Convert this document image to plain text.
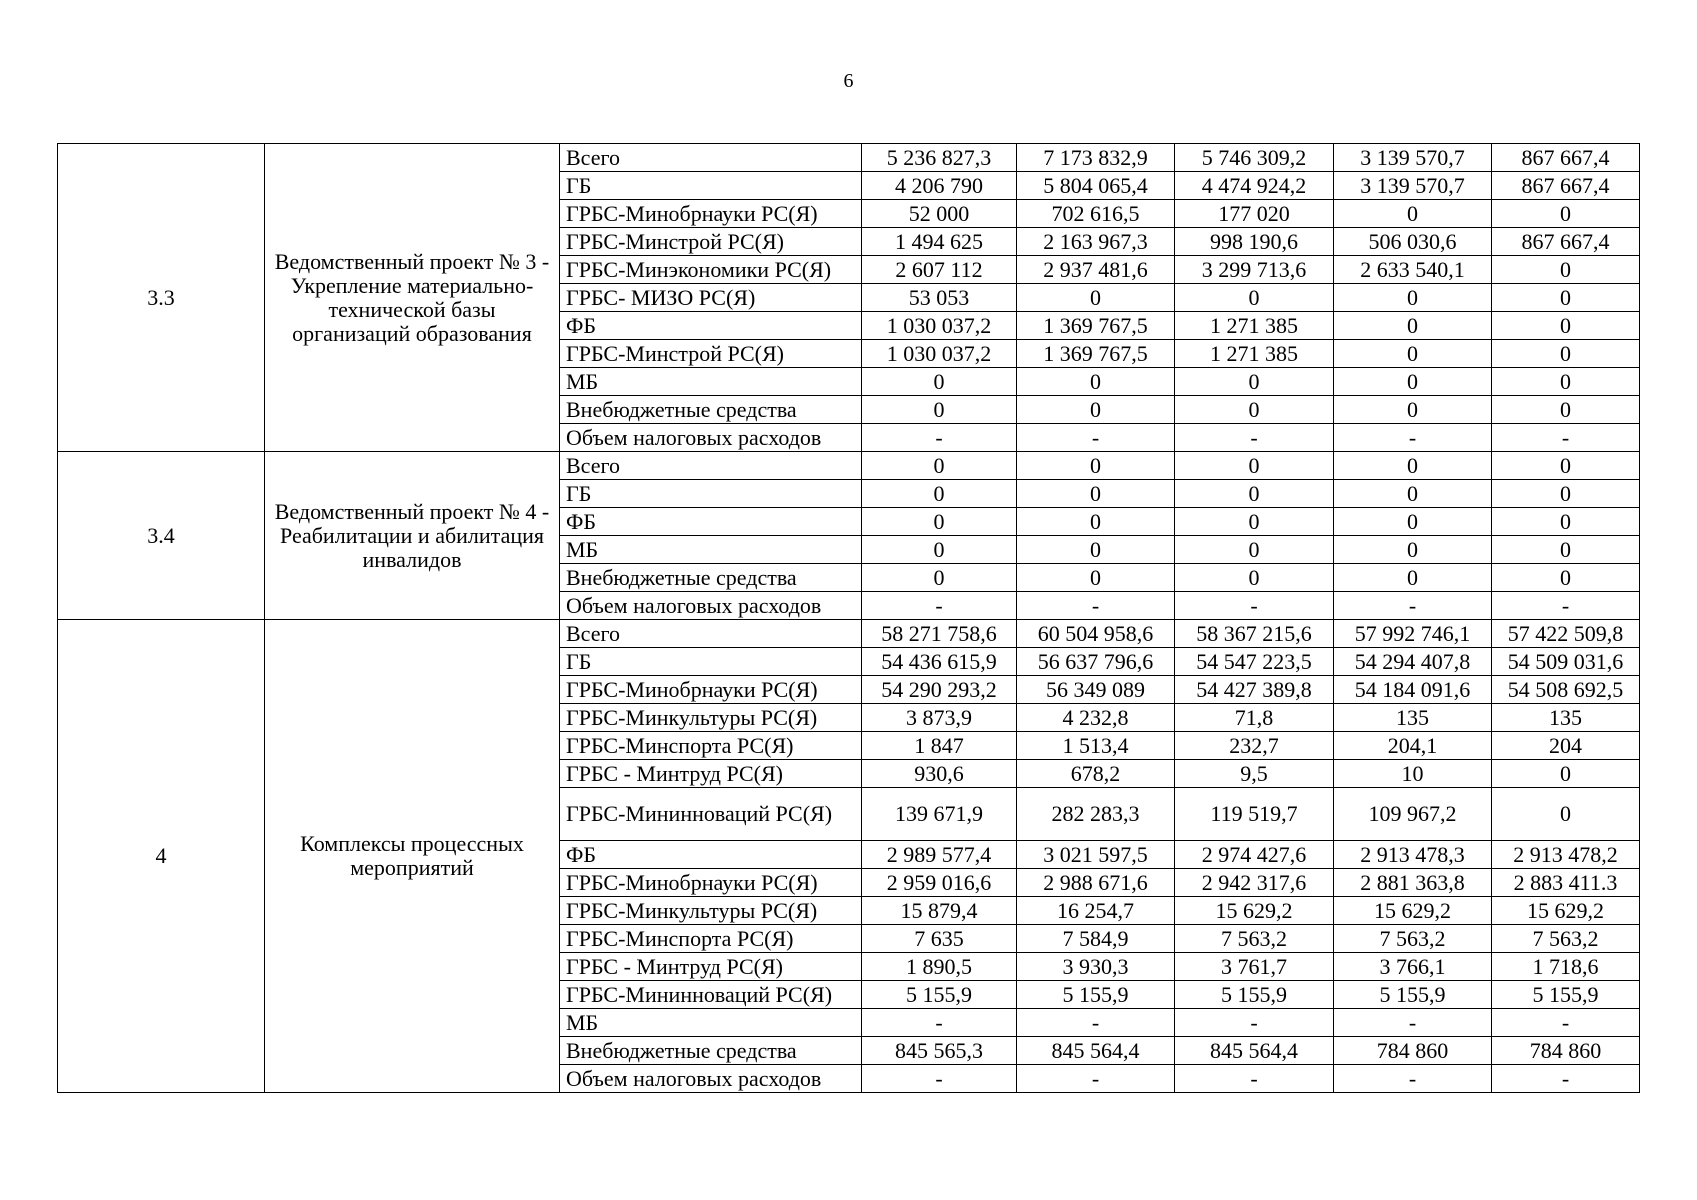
6
3.3	Ведомственный проект № 3 - Укрепление материально-технической базы организаций образования	Всего	5 236 827,3	7 173 832,9	5 746 309,2	3 139 570,7	867 667,4
		ГБ	4 206 790	5 804 065,4	4 474 924,2	3 139 570,7	867 667,4
		ГРБС-Минобрнауки РС(Я)	52 000	702 616,5	177 020	0	0
		ГРБС-Минстрой РС(Я)	1 494 625	2 163 967,3	998 190,6	506 030,6	867 667,4
		ГРБС-Минэкономики РС(Я)	2 607 112	2 937 481,6	3 299 713,6	2 633 540,1	0
		ГРБС- МИЗО РС(Я)	53 053	0	0	0	0
		ФБ	1 030 037,2	1 369 767,5	1 271 385	0	0
		ГРБС-Минстрой РС(Я)	1 030 037,2	1 369 767,5	1 271 385	0	0
		МБ	0	0	0	0	0
		Внебюджетные средства	0	0	0	0	0
		Объем налоговых расходов	-	-	-	-	-
3.4	Ведомственный проект № 4 - Реабилитации и абилитация инвалидов	Всего	0	0	0	0	0
		ГБ	0	0	0	0	0
		ФБ	0	0	0	0	0
		МБ	0	0	0	0	0
		Внебюджетные средства	0	0	0	0	0
		Объем налоговых расходов	-	-	-	-	-
4	Комплексы процессных мероприятий	Всего	58 271 758,6	60 504 958,6	58 367 215,6	57 992 746,1	57 422 509,8
		ГБ	54 436 615,9	56 637 796,6	54 547 223,5	54 294 407,8	54 509 031,6
		ГРБС-Минобрнауки РС(Я)	54 290 293,2	56 349 089	54 427 389,8	54 184 091,6	54 508 692,5
		ГРБС-Минкультуры РС(Я)	3 873,9	4 232,8	71,8	135	135
		ГРБС-Минспорта РС(Я)	1 847	1 513,4	232,7	204,1	204
		ГРБС - Минтруд РС(Я)	930,6	678,2	9,5	10	0
		ГРБС-Мининноваций РС(Я)	139 671,9	282 283,3	119 519,7	109 967,2	0
		ФБ	2 989 577,4	3 021 597,5	2 974 427,6	2 913 478,3	2 913 478,2
		ГРБС-Минобрнауки РС(Я)	2 959 016,6	2 988 671,6	2 942 317,6	2 881 363,8	2 883 411.3
		ГРБС-Минкультуры РС(Я)	15 879,4	16 254,7	15 629,2	15 629,2	15 629,2
		ГРБС-Минспорта РС(Я)	7 635	7 584,9	7 563,2	7 563,2	7 563,2
		ГРБС - Минтруд РС(Я)	1 890,5	3 930,3	3 761,7	3 766,1	1 718,6
		ГРБС-Мининноваций РС(Я)	5 155,9	5 155,9	5 155,9	5 155,9	5 155,9
		МБ	-	-	-	-	-
		Внебюджетные средства	845 565,3	845 564,4	845 564,4	784 860	784 860
		Объем налоговых расходов	-	-	-	-	-
